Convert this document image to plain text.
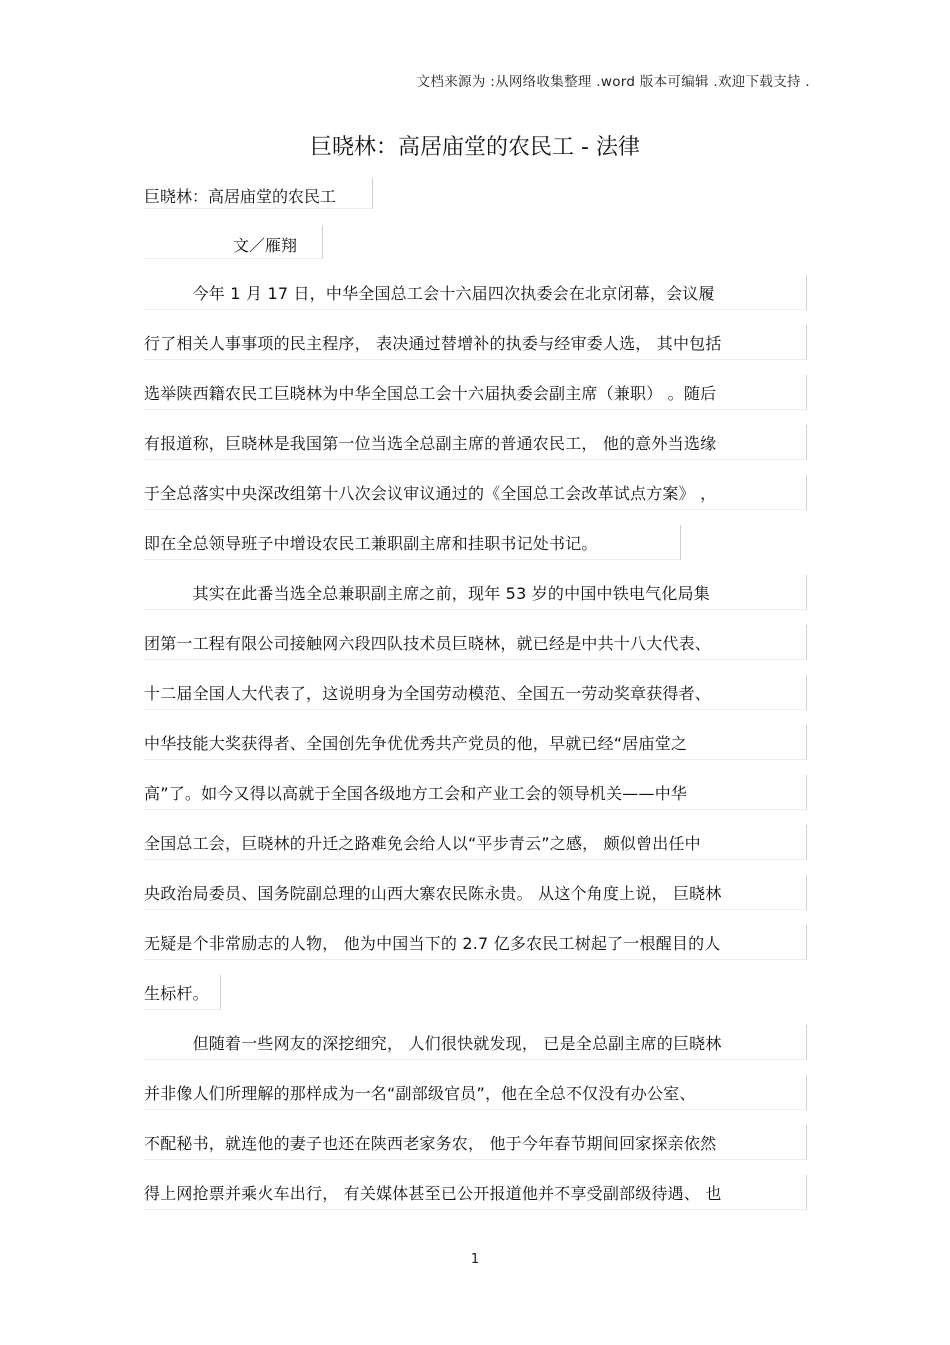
文档来源为 :从网络收集整理 .word 版本可编辑 .欢迎下载支持 .
巨晓林：高居庙堂的农民工 - 法律
巨晓林：高居庙堂的农民工
文／雁翔
　　　今年 1 月 17 日，中华全国总工会十六届四次执委会在北京闭幕，会议履
行了相关人事事项的民主程序， 表决通过替增补的执委与经审委人选， 其中包括
选举陕西籍农民工巨晓林为中华全国总工会十六届执委会副主席（兼职） 。随后
有报道称，巨晓林是我国第一位当选全总副主席的普通农民工， 他的意外当选缘
于全总落实中央深改组第十八次会议审议通过的《全国总工会改革试点方案》 ，
即在全总领导班子中增设农民工兼职副主席和挂职书记处书记。
　　　其实在此番当选全总兼职副主席之前，现年 53 岁的中国中铁电气化局集
团第一工程有限公司接触网六段四队技术员巨晓林，就已经是中共十八大代表、
十二届全国人大代表了，这说明身为全国劳动模范、全国五一劳动奖章获得者、
中华技能大奖获得者、全国创先争优优秀共产党员的他，早就已经“居庙堂之
高”了。如今又得以高就于全国各级地方工会和产业工会的领导机关——中华
全国总工会，巨晓林的升迁之路难免会给人以“平步青云”之感， 颇似曾出任中
央政治局委员、国务院副总理的山西大寨农民陈永贵。 从这个角度上说， 巨晓林
无疑是个非常励志的人物， 他为中国当下的 2.7 亿多农民工树起了一根醒目的人
生标杆。
　　　但随着一些网友的深挖细究， 人们很快就发现， 已是全总副主席的巨晓林
并非像人们所理解的那样成为一名“副部级官员”，他在全总不仅没有办公室、
不配秘书，就连他的妻子也还在陕西老家务农， 他于今年春节期间回家探亲依然
得上网抢票并乘火车出行， 有关媒体甚至已公开报道他并不享受副部级待遇、 也
1
